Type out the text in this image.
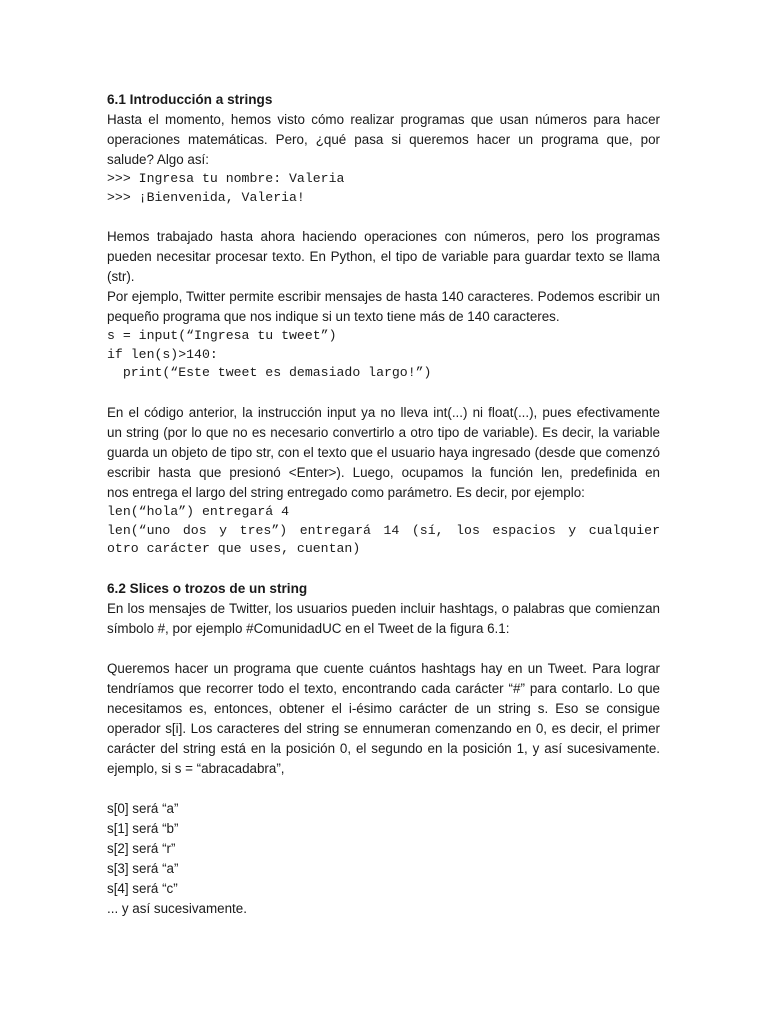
6.1 Introducción a strings
Hasta el momento, hemos visto cómo realizar programas que usan números para hacer
operaciones matemáticas. Pero, ¿qué pasa si queremos hacer un programa que, por
salude? Algo así:
>>> Ingresa tu nombre: Valeria
>>> ¡Bienvenida, Valeria!
Hemos trabajado hasta ahora haciendo operaciones con números, pero los programas
pueden necesitar procesar texto. En Python, el tipo de variable para guardar texto se llama
(str).
Por ejemplo, Twitter permite escribir mensajes de hasta 140 caracteres. Podemos escribir un
pequeño programa que nos indique si un texto tiene más de 140 caracteres.
s = input(“Ingresa tu tweet”)
if len(s)>140:
print(“Este tweet es demasiado largo!”)
En el código anterior, la instrucción input ya no lleva int(...) ni float(...), pues efectivamente
un string (por lo que no es necesario convertirlo a otro tipo de variable). Es decir, la variable
guarda un objeto de tipo str, con el texto que el usuario haya ingresado (desde que comenzó
escribir hasta que presionó <Enter>). Luego, ocupamos la función len, predefinida en
nos entrega el largo del string entregado como parámetro. Es decir, por ejemplo:
len(“hola”) entregará 4
len(“uno dos y tres”) entregará 14 (sí, los espacios y cualquier
otro carácter que uses, cuentan)
6.2 Slices o trozos de un string
En los mensajes de Twitter, los usuarios pueden incluir hashtags, o palabras que comienzan
símbolo #, por ejemplo #ComunidadUC en el Tweet de la figura 6.1:
Queremos hacer un programa que cuente cuántos hashtags hay en un Tweet. Para lograr
tendríamos que recorrer todo el texto, encontrando cada carácter “#” para contarlo. Lo que
necesitamos es, entonces, obtener el i-ésimo carácter de un string s. Eso se consigue
operador s[i]. Los caracteres del string se ennumeran comenzando en 0, es decir, el primer
carácter del string está en la posición 0, el segundo en la posición 1, y así sucesivamente.
ejemplo, si s = “abracadabra”,
s[0] será “a”
s[1] será “b”
s[2] será “r”
s[3] será “a”
s[4] será “c”
... y así sucesivamente.
